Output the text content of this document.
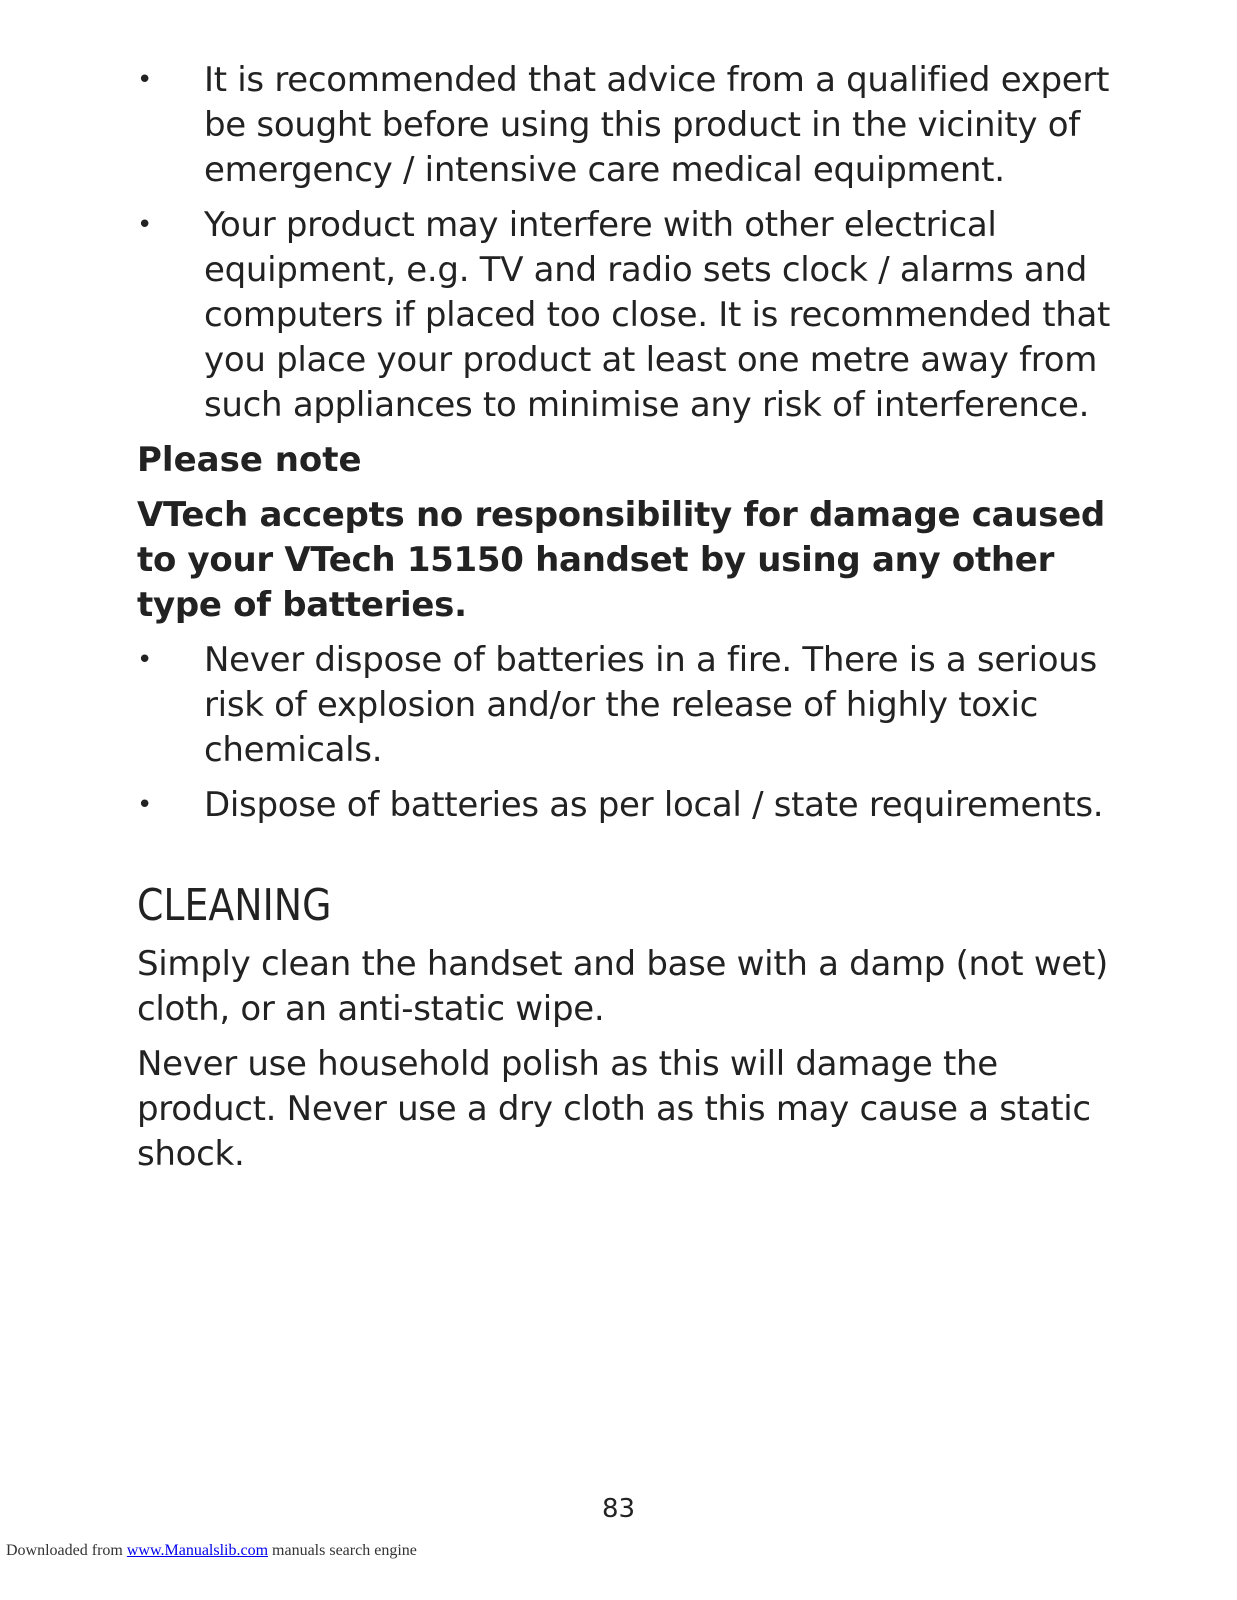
• It is recommended that advice from a qualified expert be sought before using this product in the vicinity of emergency / intensive care medical equipment.
• Your product may interfere with other electrical equipment, e.g. TV and radio sets clock / alarms and computers if placed too close. It is recommended that you place your product at least one metre away from such appliances to minimise any risk of interference.
Please note
VTech accepts no responsibility for damage caused to your VTech 15150 handset by using any other type of batteries.
• Never dispose of batteries in a fire. There is a serious risk of explosion and/or the release of highly toxic chemicals.
• Dispose of batteries as per local / state requirements.
CLEANING

Simply clean the handset and base with a damp (not wet) cloth, or an anti-static wipe.

Never use household polish as this will damage the product. Never use a dry cloth as this may cause a static shock.

83
Downloaded from www.Manualslib.com manuals search engine
